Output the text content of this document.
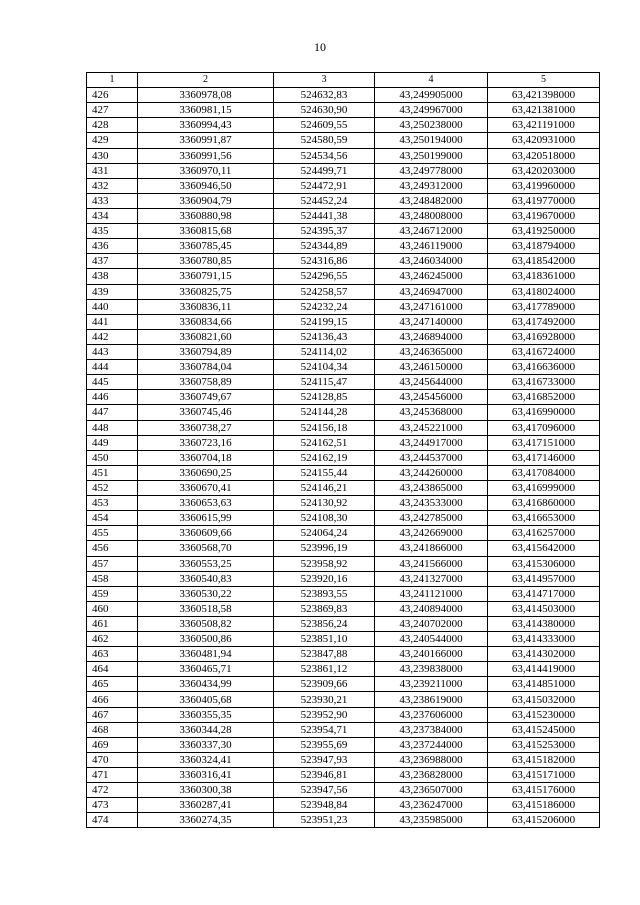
10
1	2	3	4	5
426	3360978,08	524632,83	43,249905000	63,421398000
427	3360981,15	524630,90	43,249967000	63,421381000
428	3360994,43	524609,55	43,250238000	63,421191000
429	3360991,87	524580,59	43,250194000	63,420931000
430	3360991,56	524534,56	43,250199000	63,420518000
431	3360970,11	524499,71	43,249778000	63,420203000
432	3360946,50	524472,91	43,249312000	63,419960000
433	3360904,79	524452,24	43,248482000	63,419770000
434	3360880,98	524441,38	43,248008000	63,419670000
435	3360815,68	524395,37	43,246712000	63,419250000
436	3360785,45	524344,89	43,246119000	63,418794000
437	3360780,85	524316,86	43,246034000	63,418542000
438	3360791,15	524296,55	43,246245000	63,418361000
439	3360825,75	524258,57	43,246947000	63,418024000
440	3360836,11	524232,24	43,247161000	63,417789000
441	3360834,66	524199,15	43,247140000	63,417492000
442	3360821,60	524136,43	43,246894000	63,416928000
443	3360794,89	524114,02	43,246365000	63,416724000
444	3360784,04	524104,34	43,246150000	63,416636000
445	3360758,89	524115,47	43,245644000	63,416733000
446	3360749,67	524128,85	43,245456000	63,416852000
447	3360745,46	524144,28	43,245368000	63,416990000
448	3360738,27	524156,18	43,245221000	63,417096000
449	3360723,16	524162,51	43,244917000	63,417151000
450	3360704,18	524162,19	43,244537000	63,417146000
451	3360690,25	524155,44	43,244260000	63,417084000
452	3360670,41	524146,21	43,243865000	63,416999000
453	3360653,63	524130,92	43,243533000	63,416860000
454	3360615,99	524108,30	43,242785000	63,416653000
455	3360609,66	524064,24	43,242669000	63,416257000
456	3360568,70	523996,19	43,241866000	63,415642000
457	3360553,25	523958,92	43,241566000	63,415306000
458	3360540,83	523920,16	43,241327000	63,414957000
459	3360530,22	523893,55	43,241121000	63,414717000
460	3360518,58	523869,83	43,240894000	63,414503000
461	3360508,82	523856,24	43,240702000	63,414380000
462	3360500,86	523851,10	43,240544000	63,414333000
463	3360481,94	523847,88	43,240166000	63,414302000
464	3360465,71	523861,12	43,239838000	63,414419000
465	3360434,99	523909,66	43,239211000	63,414851000
466	3360405,68	523930,21	43,238619000	63,415032000
467	3360355,35	523952,90	43,237606000	63,415230000
468	3360344,28	523954,71	43,237384000	63,415245000
469	3360337,30	523955,69	43,237244000	63,415253000
470	3360324,41	523947,93	43,236988000	63,415182000
471	3360316,41	523946,81	43,236828000	63,415171000
472	3360300,38	523947,56	43,236507000	63,415176000
473	3360287,41	523948,84	43,236247000	63,415186000
474	3360274,35	523951,23	43,235985000	63,415206000
